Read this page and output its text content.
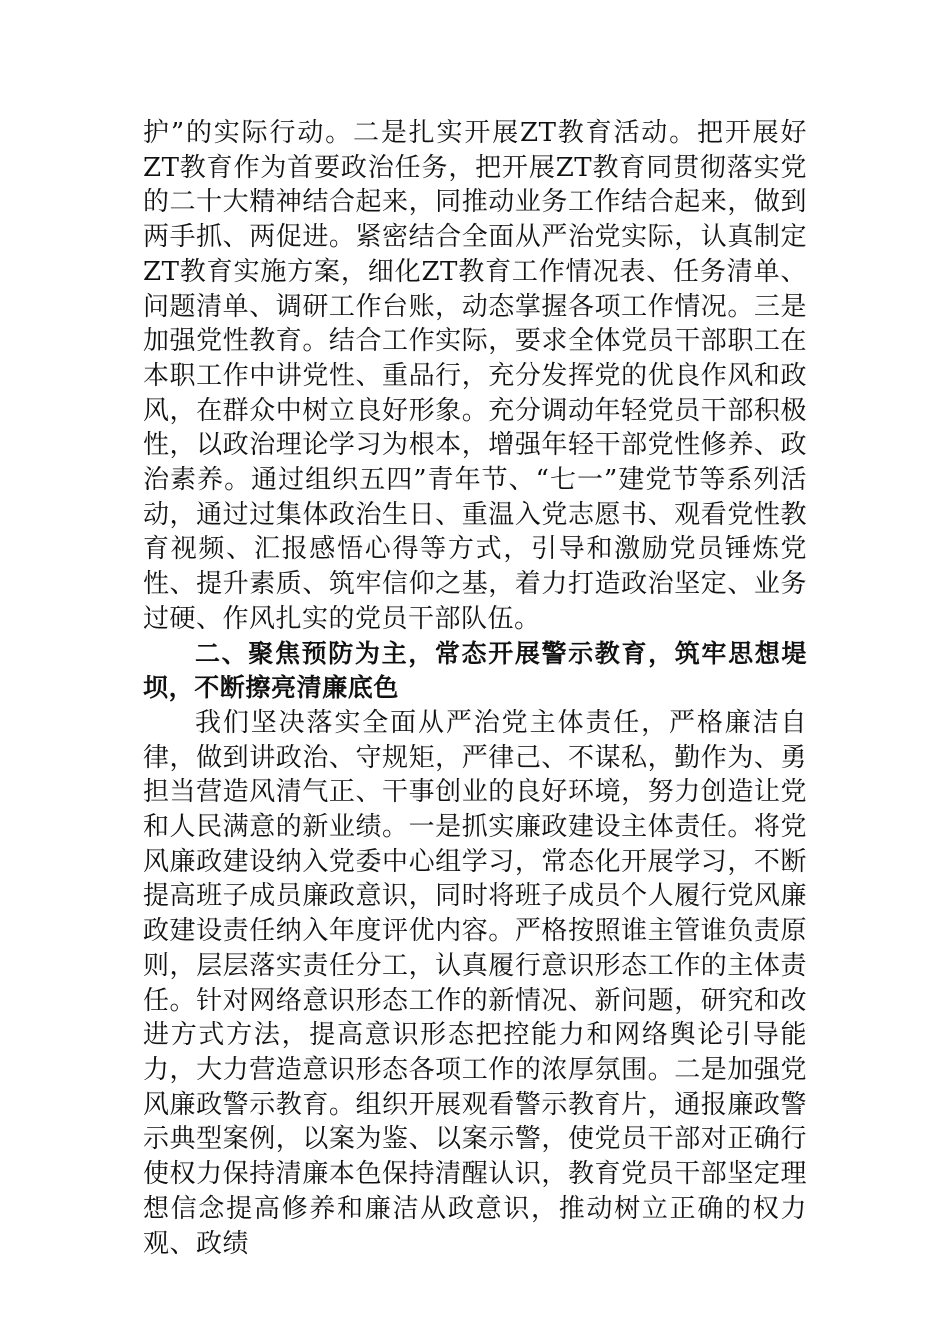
护”的实际行动。二是扎实开展ZT教育活动。把开展好ZT教育作为首要政治任务，把开展ZT教育同贯彻落实党的二十大精神结合起来，同推动业务工作结合起来，做到两手抓、两促进。紧密结合全面从严治党实际，认真制定ZT教育实施方案，细化ZT教育工作情况表、任务清单、问题清单、调研工作台账，动态掌握各项工作情况。三是加强党性教育。结合工作实际，要求全体党员干部职工在本职工作中讲党性、重品行，充分发挥党的优良作风和政风，在群众中树立良好形象。充分调动年轻党员干部积极性，以政治理论学习为根本，增强年轻干部党性修养、政治素养。通过组织五四”青年节、“七一”建党节等系列活动，通过过集体政治生日、重温入党志愿书、观看党性教育视频、汇报感悟心得等方式，引导和激励党员锤炼党性、提升素质、筑牢信仰之基，着力打造政治坚定、业务过硬、作风扎实的党员干部队伍。

二、聚焦预防为主，常态开展警示教育，筑牢思想堤坝，不断擦亮清廉底色

我们坚决落实全面从严治党主体责任，严格廉洁自律，做到讲政治、守规矩，严律己、不谋私，勤作为、勇担当营造风清气正、干事创业的良好环境，努力创造让党和人民满意的新业绩。一是抓实廉政建设主体责任。将党风廉政建设纳入党委中心组学习，常态化开展学习，不断提高班子成员廉政意识，同时将班子成员个人履行党风廉政建设责任纳入年度评优内容。严格按照谁主管谁负责原则，层层落实责任分工，认真履行意识形态工作的主体责任。针对网络意识形态工作的新情况、新问题，研究和改进方式方法，提高意识形态把控能力和网络舆论引导能力，大力营造意识形态各项工作的浓厚氛围。二是加强党风廉政警示教育。组织开展观看警示教育片，通报廉政警示典型案例，以案为鉴、以案示警，使党员干部对正确行使权力保持清廉本色保持清醒认识，教育党员干部坚定理想信念提高修养和廉洁从政意识，推动树立正确的权力观、政绩
